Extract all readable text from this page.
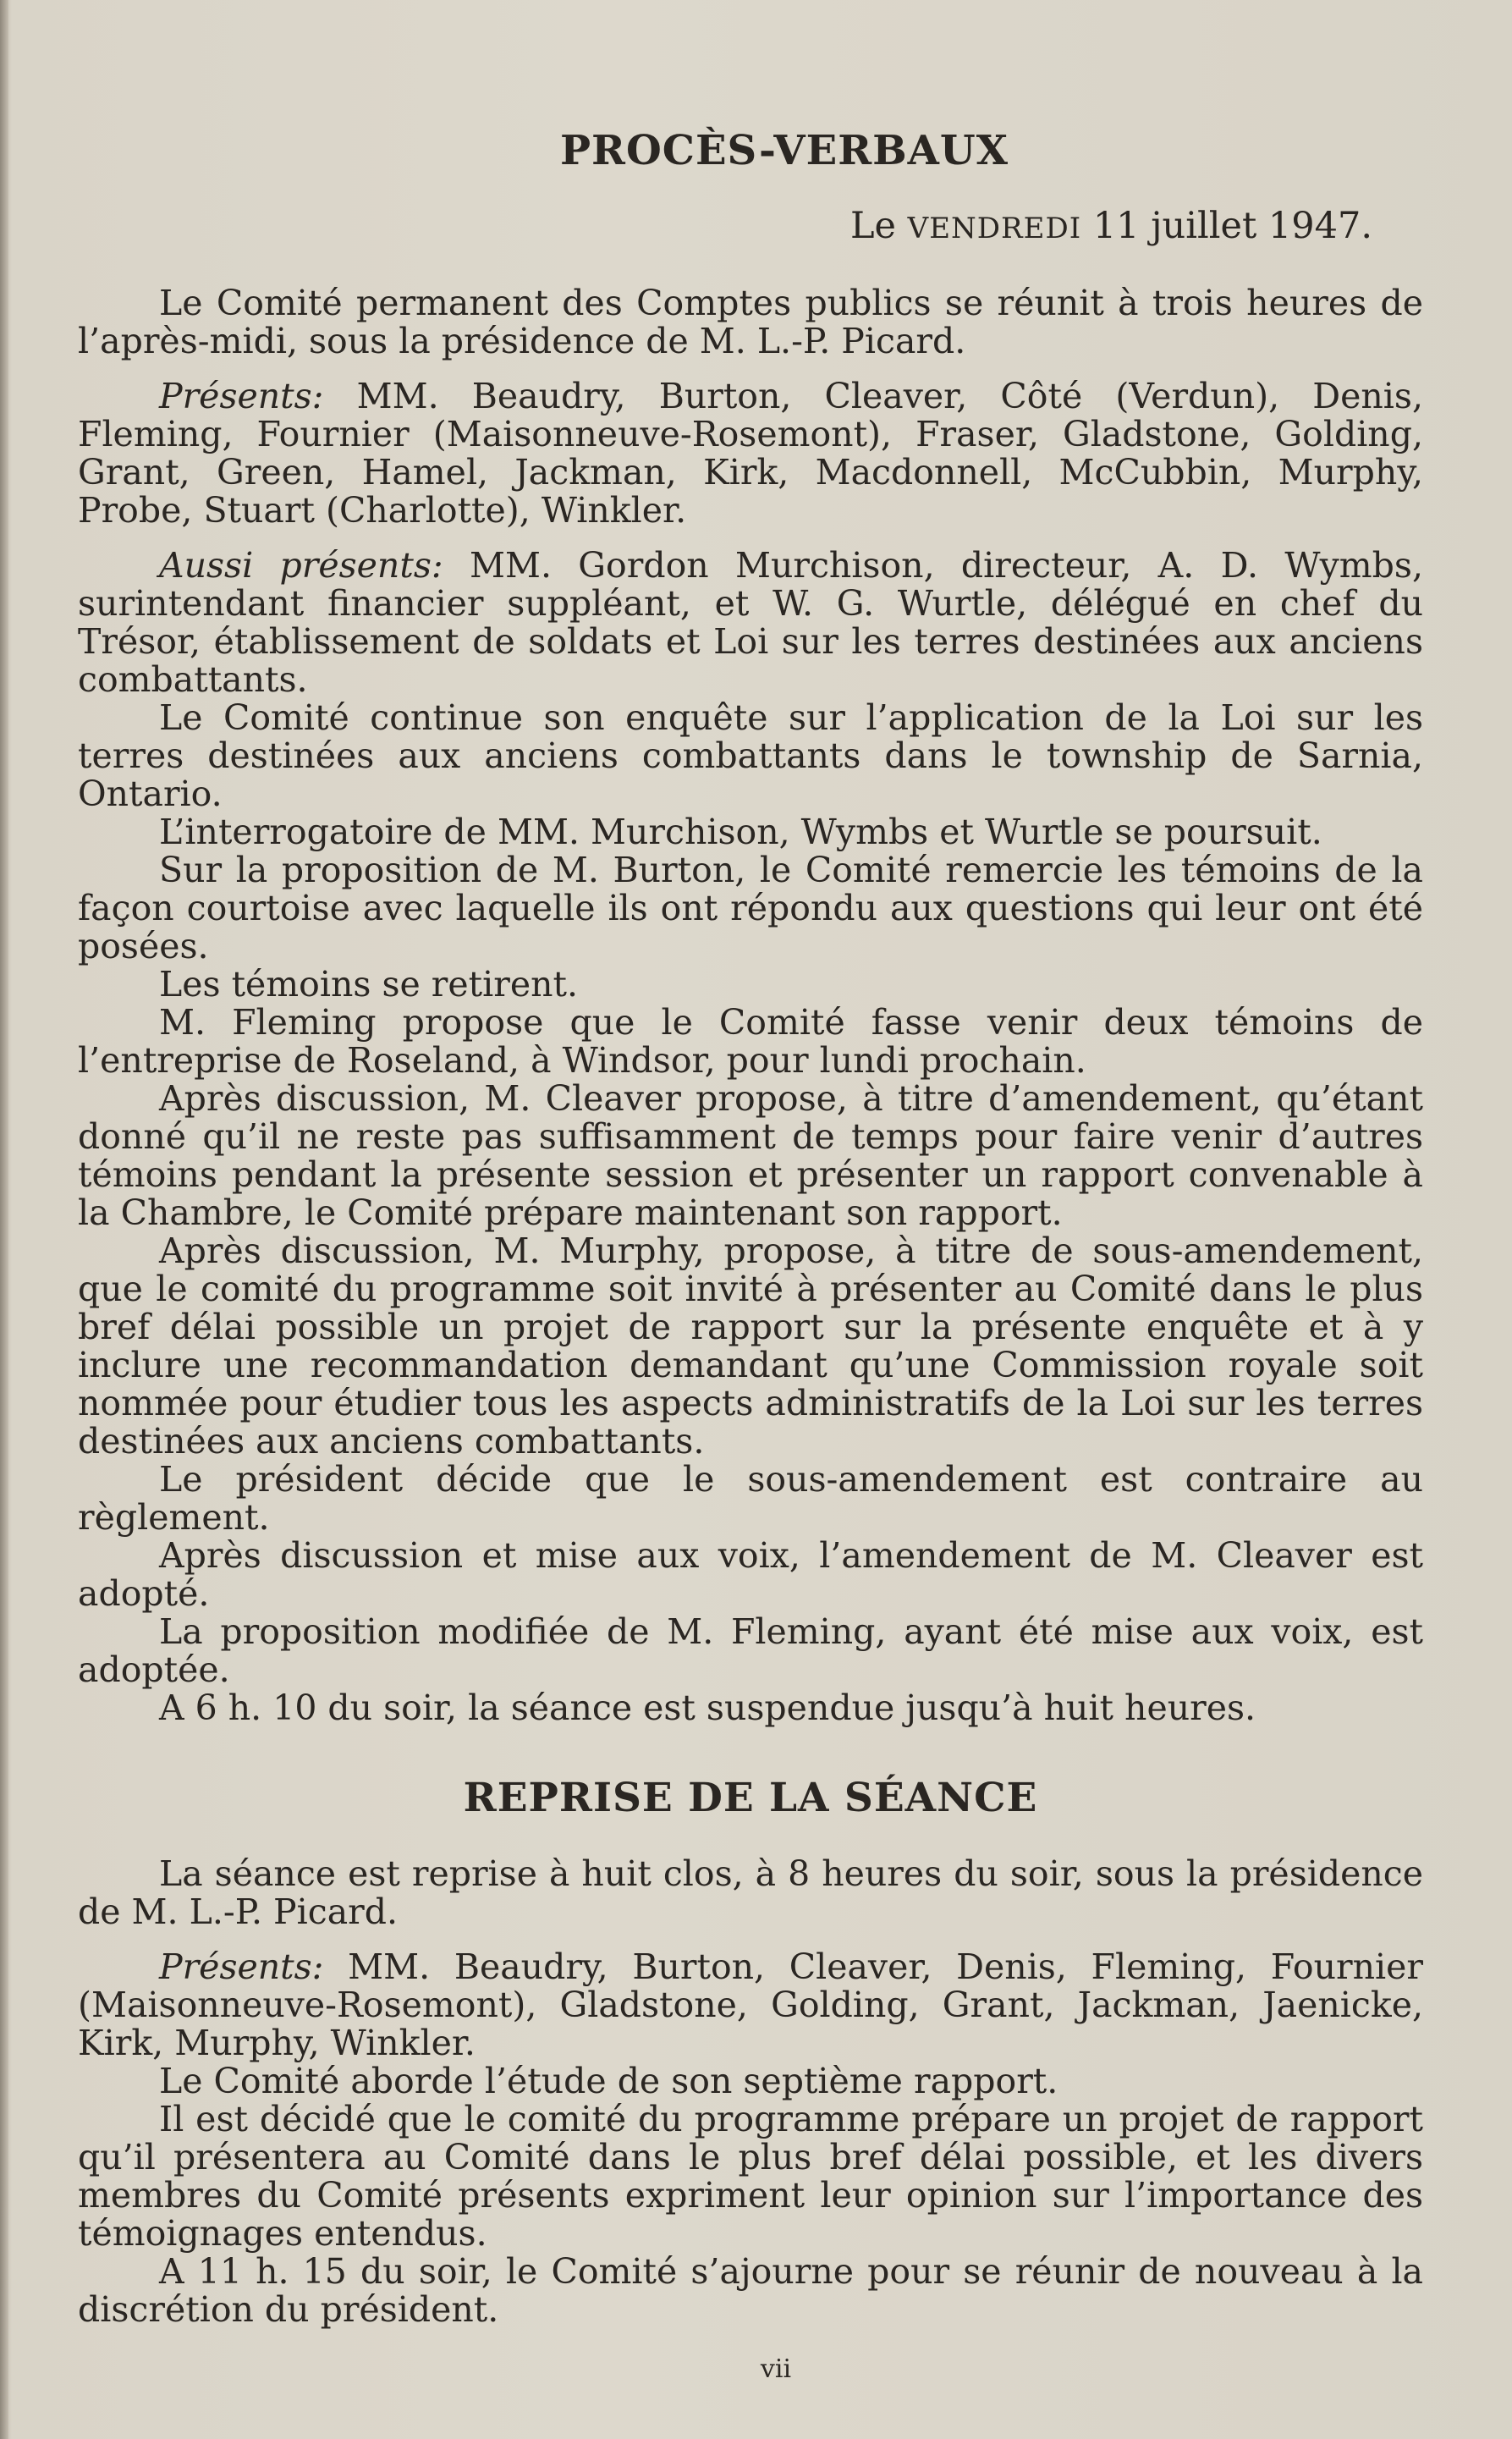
PROCÈS-VERBAUX
Le VENDREDI 11 juillet 1947.

Le Comité permanent des Comptes publics se réunit à trois heures de l’après-midi, sous la présidence de M. L.-P. Picard.

Présents: MM. Beaudry, Burton, Cleaver, Côté (Verdun), Denis, Fleming, Fournier (Maisonneuve-Rosemont), Fraser, Gladstone, Golding, Grant, Green, Hamel, Jackman, Kirk, Macdonnell, McCubbin, Murphy, Probe, Stuart (Charlotte), Winkler.

Aussi présents: MM. Gordon Murchison, directeur, A. D. Wymbs, surintendant financier suppléant, et W. G. Wurtle, délégué en chef du Trésor, établissement de soldats et Loi sur les terres destinées aux anciens combattants.

Le Comité continue son enquête sur l’application de la Loi sur les terres destinées aux anciens combattants dans le township de Sarnia, Ontario.

L’interrogatoire de MM. Murchison, Wymbs et Wurtle se poursuit.

Sur la proposition de M. Burton, le Comité remercie les témoins de la façon courtoise avec laquelle ils ont répondu aux questions qui leur ont été posées.

Les témoins se retirent.

M. Fleming propose que le Comité fasse venir deux témoins de l’entreprise de Roseland, à Windsor, pour lundi prochain.

Après discussion, M. Cleaver propose, à titre d’amendement, qu’étant donné qu’il ne reste pas suffisamment de temps pour faire venir d’autres témoins pendant la présente session et présenter un rapport convenable à la Chambre, le Comité prépare maintenant son rapport.

Après discussion, M. Murphy, propose, à titre de sous-amendement, que le comité du programme soit invité à présenter au Comité dans le plus bref délai possible un projet de rapport sur la présente enquête et à y inclure une recommandation demandant qu’une Commission royale soit nommée pour étudier tous les aspects administratifs de la Loi sur les terres destinées aux anciens combattants.

Le président décide que le sous-amendement est contraire au règlement.

Après discussion et mise aux voix, l’amendement de M. Cleaver est adopté.

La proposition modifiée de M. Fleming, ayant été mise aux voix, est adoptée.

A 6 h. 10 du soir, la séance est suspendue jusqu’à huit heures.

REPRISE DE LA SÉANCE

La séance est reprise à huit clos, à 8 heures du soir, sous la présidence de M. L.-P. Picard.

Présents: MM. Beaudry, Burton, Cleaver, Denis, Fleming, Fournier (Maisonneuve-Rosemont), Gladstone, Golding, Grant, Jackman, Jaenicke, Kirk, Murphy, Winkler.

Le Comité aborde l’étude de son septième rapport.

Il est décidé que le comité du programme prépare un projet de rapport qu’il présentera au Comité dans le plus bref délai possible, et les divers membres du Comité présents expriment leur opinion sur l’importance des témoignages entendus.

A 11 h. 15 du soir, le Comité s’ajourne pour se réunir de nouveau à la discrétion du président.

vii
